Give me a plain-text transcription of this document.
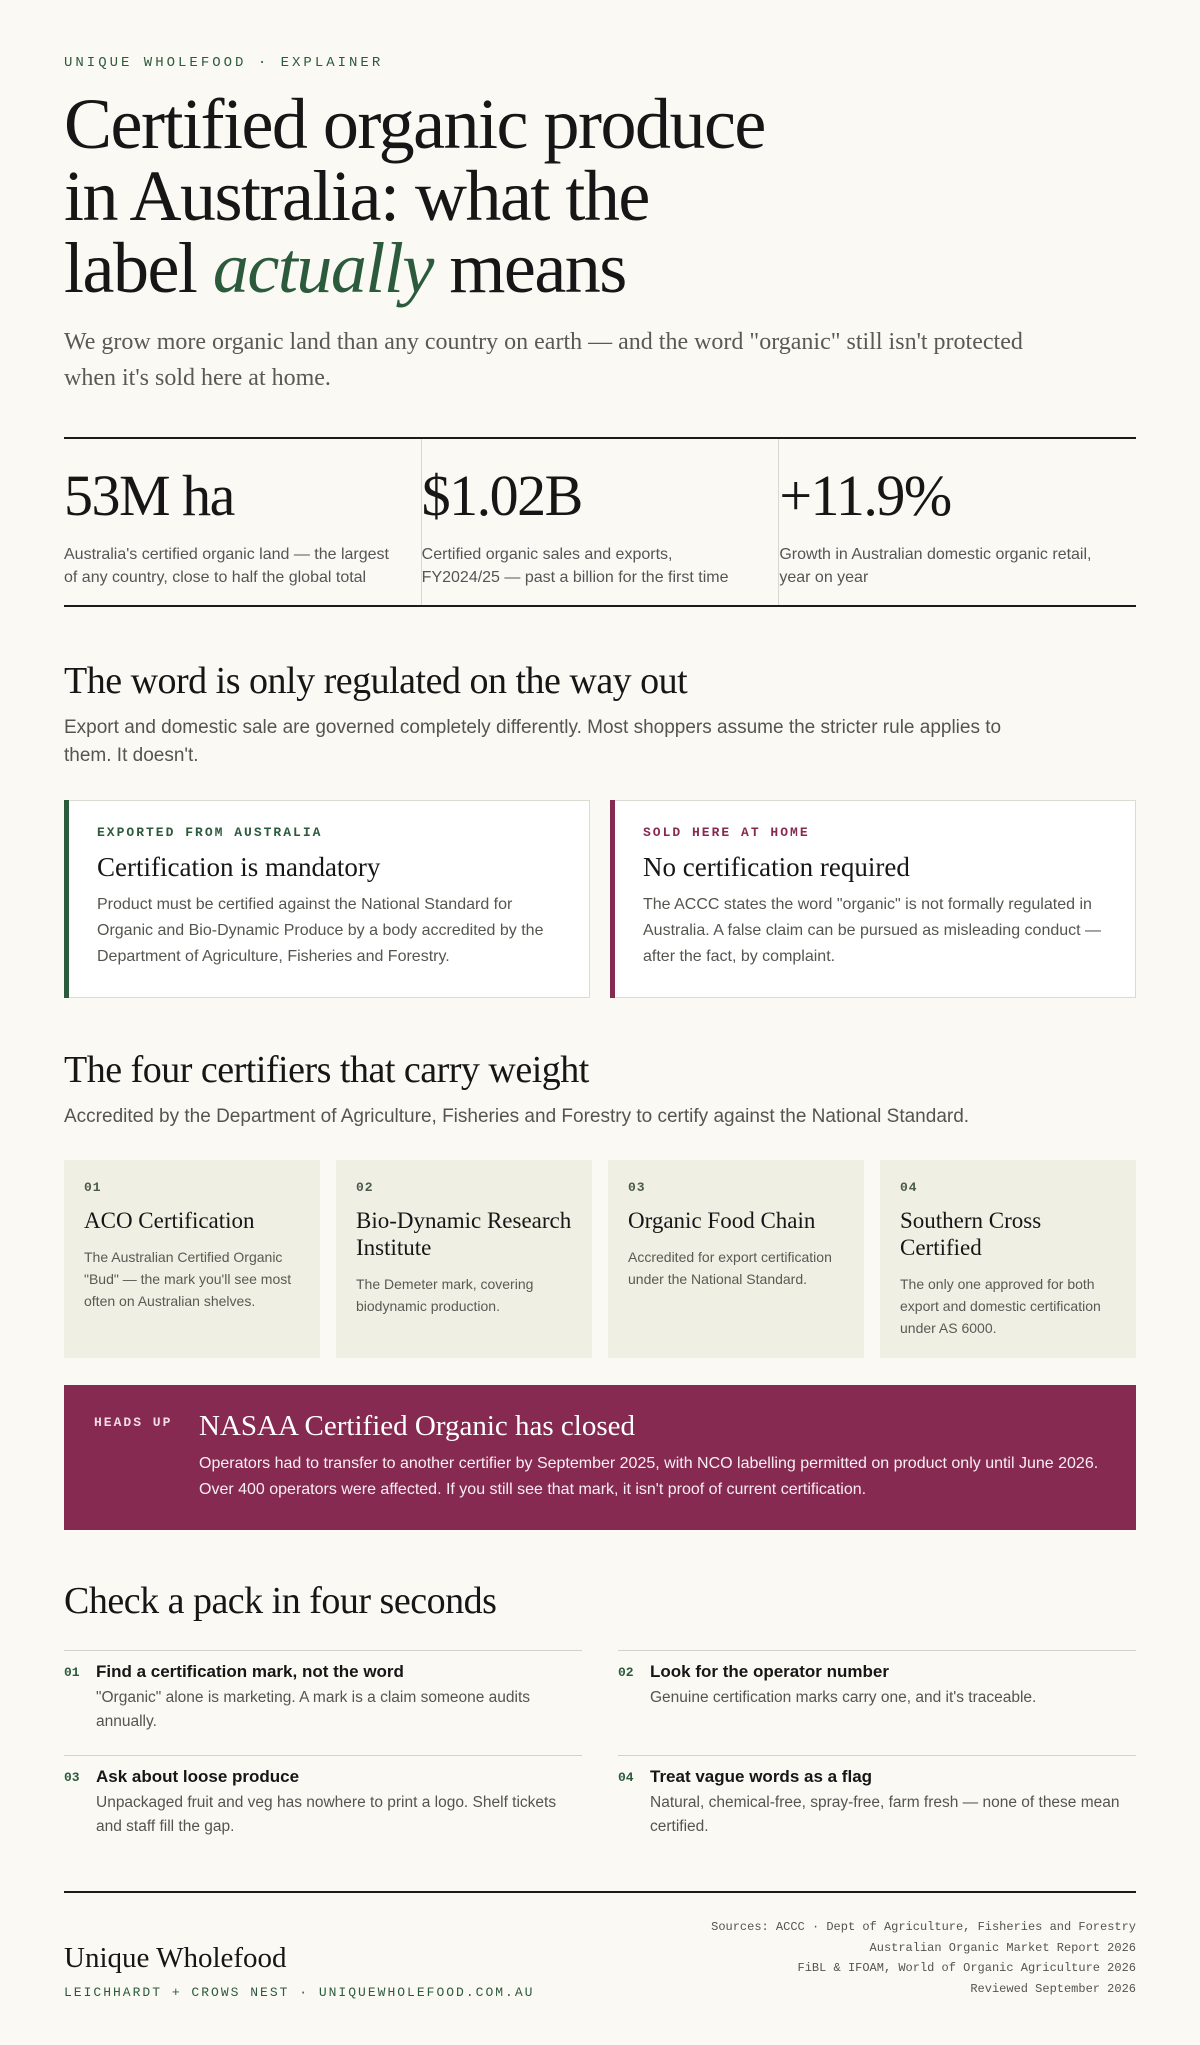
UNIQUE WHOLEFOOD · EXPLAINER
Certified organic produce
in Australia: what the
label actually means

We grow more organic land than any country on earth — and the word "organic" still isn't protected when it's sold here at home.

53M ha
Australia's certified organic land — the largest of any country, close to half the global total
$1.02B
Certified organic sales and exports, FY2024/25 — past a billion for the first time
+11.9%
Growth in Australian domestic organic retail, year on year
The word is only regulated on the way out

Export and domestic sale are governed completely differently. Most shoppers assume the stricter rule applies to them. It doesn't.

EXPORTED FROM AUSTRALIA
Certification is mandatory
Product must be certified against the National Standard for Organic and Bio-Dynamic Produce by a body accredited by the Department of Agriculture, Fisheries and Forestry.
SOLD HERE AT HOME
No certification required
The ACCC states the word "organic" is not formally regulated in Australia. A false claim can be pursued as misleading conduct — after the fact, by complaint.
The four certifiers that carry weight

Accredited by the Department of Agriculture, Fisheries and Forestry to certify against the National Standard.

01
ACO Certification
The Australian Certified Organic "Bud" — the mark you'll see most often on Australian shelves.
02
Bio-Dynamic Research Institute
The Demeter mark, covering biodynamic production.
03
Organic Food Chain
Accredited for export certification under the National Standard.
04
Southern Cross Certified
The only one approved for both export and domestic certification under AS 6000.
HEADS UP NASAA Certified Organic has closed
Operators had to transfer to another certifier by September 2025, with NCO labelling permitted on product only until June 2026. Over 400 operators were affected. If you still see that mark, it isn't proof of current certification.
Check a pack in four seconds
01 Find a certification mark, not the word
"Organic" alone is marketing. A mark is a claim someone audits annually.
02 Look for the operator number
Genuine certification marks carry one, and it's traceable.
03 Ask about loose produce
Unpackaged fruit and veg has nowhere to print a logo. Shelf tickets and staff fill the gap.
04 Treat vague words as a flag
Natural, chemical-free, spray-free, farm fresh — none of these mean certified.
Unique Wholefood
LEICHHARDT + CROWS NEST · UNIQUEWHOLEFOOD.COM.AU
Sources: ACCC · Dept of Agriculture, Fisheries and Forestry
Australian Organic Market Report 2026
FiBL & IFOAM, World of Organic Agriculture 2026
Reviewed September 2026
